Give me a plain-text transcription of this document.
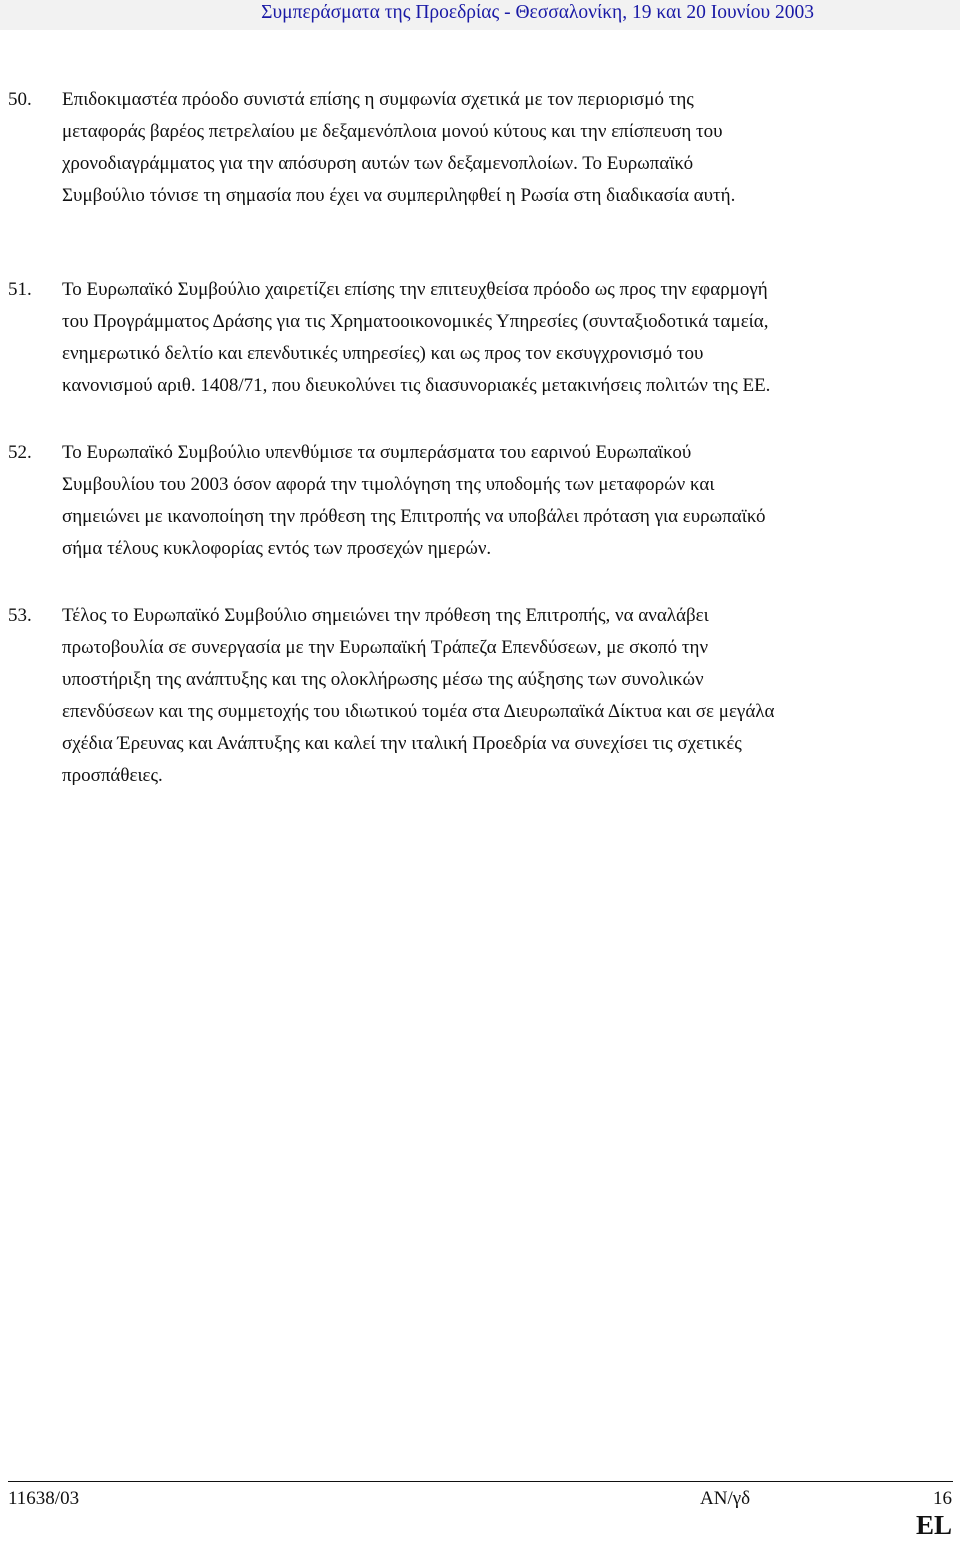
Συμπεράσματα της Προεδρίας - Θεσσαλονίκη, 19 και 20 Ιουνίου 2003
50. Επιδοκιμαστέα πρόοδο συνιστά επίσης η συμφωνία σχετικά με τον περιορισμό της
μεταφοράς βαρέος πετρελαίου με δεξαμενόπλοια μονού κύτους και την επίσπευση του
χρονοδιαγράμματος για την απόσυρση αυτών των δεξαμενοπλοίων. Το Ευρωπαϊκό
Συμβούλιο τόνισε τη σημασία που έχει να συμπεριληφθεί η Ρωσία στη διαδικασία αυτή.
51. Το Ευρωπαϊκό Συμβούλιο χαιρετίζει επίσης την επιτευχθείσα πρόοδο ως προς την εφαρμογή
του Προγράμματος Δράσης για τις Χρηματοοικονομικές Υπηρεσίες (συνταξιοδοτικά ταμεία,
ενημερωτικό δελτίο και επενδυτικές υπηρεσίες) και ως προς τον εκσυγχρονισμό του
κανονισμού αριθ. 1408/71, που διευκολύνει τις διασυνοριακές μετακινήσεις πολιτών της ΕΕ.
52. Το Ευρωπαϊκό Συμβούλιο υπενθύμισε τα συμπεράσματα του εαρινού Ευρωπαϊκού
Συμβουλίου του 2003 όσον αφορά την τιμολόγηση της υποδομής των μεταφορών και
σημειώνει με ικανοποίηση την πρόθεση της Επιτροπής να υποβάλει πρόταση για ευρωπαϊκό
σήμα τέλους κυκλοφορίας εντός των προσεχών ημερών.
53. Τέλος το Ευρωπαϊκό Συμβούλιο σημειώνει την πρόθεση της Επιτροπής, να αναλάβει
πρωτοβουλία σε συνεργασία με την Ευρωπαϊκή Τράπεζα Επενδύσεων, με σκοπό την
υποστήριξη της ανάπτυξης και της ολοκλήρωσης μέσω της αύξησης των συνολικών
επενδύσεων και της συμμετοχής του ιδιωτικού τομέα στα Διευρωπαϊκά Δίκτυα και σε μεγάλα
σχέδια Έρευνας και Ανάπτυξης και καλεί την ιταλική Προεδρία να συνεχίσει τις σχετικές
προσπάθειες.
11638/03	ΑΝ/γδ	16
EL
